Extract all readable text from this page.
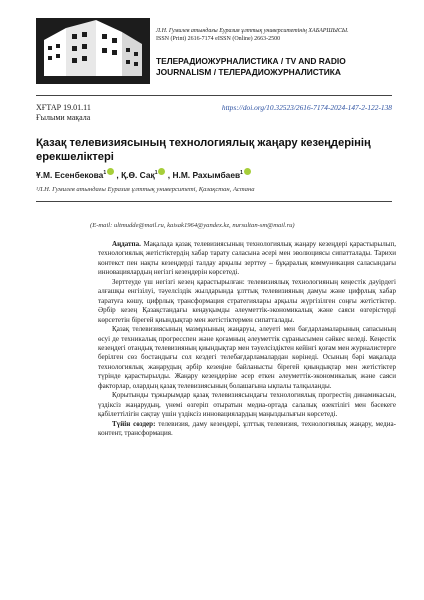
Л.Н. Гумилев атындағы Еуразия ұлттық университетінің ХАБАРШЫСЫ.
ISSN (Print) 2616-7174 eISSN (Online) 2663-2500
ТЕЛЕРАДИОЖУРНАЛИСТИКА / TV AND RADIO
JOURNALISM / ТЕЛЕРАДИОЖУРНАЛИСТИКА
ХҒТАР 19.01.11
Ғылыми мақала
https://doi.org/10.32523/2616-7174-2024-147-2-122-138
Қазақ телевизиясының технологиялық жаңару кезеңдерінің
ерекшеліктері
Ұ.М. Есенбекова$^1$ , Қ.Ө. Сақ$^1$ , Н.М. Рахымбаев$^1$
¹Л.Н. Гумилев атындағы Еуразия ұлттық университеті, Қазақстан, Астана
(E-mail: ultmudde@mail.ru, kaisak1964@yandex.kz, nursultan-sm@mail.ru)

Аңдатпа. Мақалада қазақ телевизиясының технологиялық жаңару кезеңдері қарастырылып, технологиялық жетістіктердің хабар тарату саласына әсері мен эволюциясы сипатталады. Тарихи контекст пен нақты кезеңдерді талдау арқылы зерттеу – бұқаралық коммуникация саласындағы инновациялардың негізгі кезеңдерін көрсетеді.

Зерттеуде үш негізгі кезең қарастырылған: телевизиялық технологияның кеңестік дәуірдегі алғашқы енгізілуі, тәуелсіздік жылдарында ұлттық телевизияның дамуы және цифрлық хабар таратуға көшу, цифрлық трансформация стратегиялары арқылы жүргізілген соңғы жетістіктер. Әрбір кезең Қазақстандағы кеңауқымды әлеуметтік-экономикалық және саяси өзгерістерді көрсететін бірегей қиындықтар мен жетістіктермен сипатталады.

Қазақ телевизиясының мазмұнының жаңаруы, әлеуеті мен бағдарламаларының сапасының өсуі де техникалық прогресспен және қоғамның әлеуметтік сұранысымен сәйкес келеді. Кеңестік кезеңдегі отандық телевизияның қиындықтар мен тәуелсіздіктен кейінгі қоғам мен журналистерге берілген сөз бостандығы сол кездегі телебағдарламалардан көрінеді. Осының бәрі мақалада технологиялық жаңарудың әрбір кезеңіне байланысты бірегей қиындықтар мен жетістіктер түрінде қарастырылды. Жаңару кезеңдеріне әсер еткен әлеуметтік-экономикалық және саяси факторлар, олардың қазақ телевизиясының болашағына ықпалы талқыланды.

Қорытынды тұжырымдар қазақ телевизиясындағы технологиялық прогрестің динамикасын, үздіксіз жаңарудың, үнемі өзгеріп отыратын медиа-ортада салалық өзектілігі мен бәсекеге қабілеттілігін сақтау үшін үздіксіз инновациялардың маңыздылығын көрсетеді.

Түйін сөздер: телевизия, даму кезеңдері, ұлттық телевизия, технологиялық жаңару, медиа-контент, трансформация.
